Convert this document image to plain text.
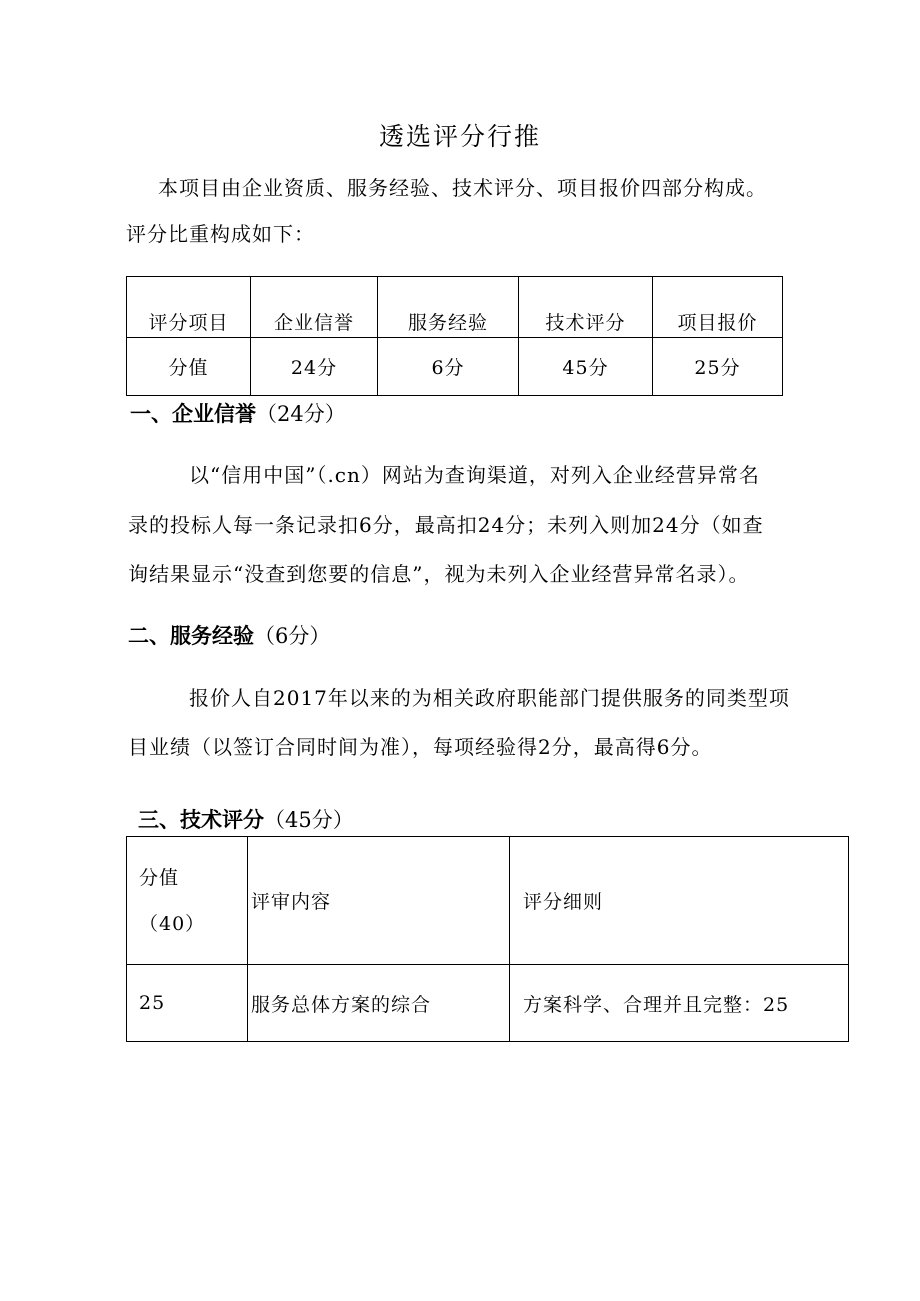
透选评分行推
本项目由企业资质、服务经验、技术评分、项目报价四部分构成。
评分比重构成如下：
评分项目	企业信誉	服务经验	技术评分	项目报价
分值	24分	6分	45分	25分
一、企业信誉（24分）
以“信用中国”（.cn）网站为查询渠道，对列入企业经营异常名
录的投标人每一条记录扣6分，最高扣24分；未列入则加24分（如查
询结果显示“没查到您要的信息”，视为未列入企业经营异常名录）。
二、服务经验（6分）
报价人自2017年以来的为相关政府职能部门提供服务的同类型项
目业绩（以签订合同时间为准），每项经验得2分，最高得6分。
三、技术评分（45分）
分值
（40）	评审内容	评分细则
25	服务总体方案的综合	方案科学、合理并且完整：25
